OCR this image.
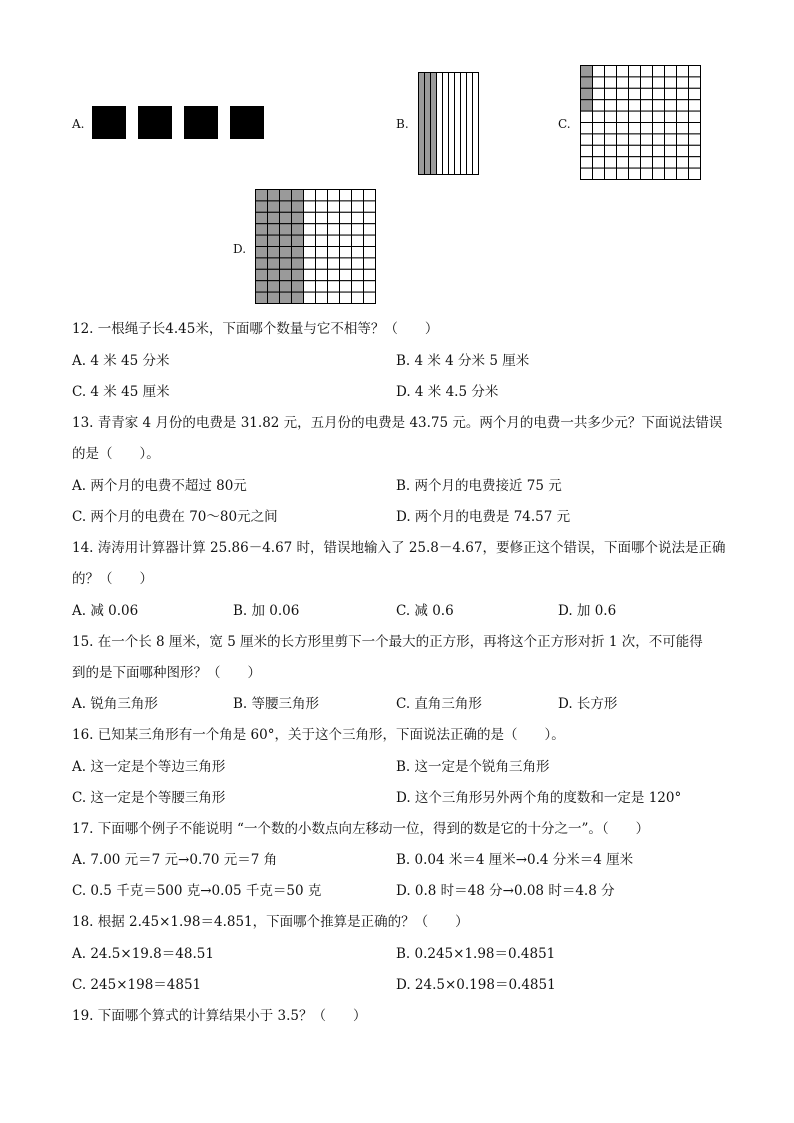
A.	B.	C.
D.
12. 一根绳子长4.45米，下面哪个数量与它不相等？（　　）
A. 4 米 45 分米	B. 4 米 4 分米 5 厘米
C. 4 米 45 厘米	D. 4 米 4.5 分米
13. 青青家 4 月份的电费是 31.82 元，五月份的电费是 43.75 元。两个月的电费一共多少元？下面说法错误
的是（　　）。
A. 两个月的电费不超过 80元	B. 两个月的电费接近 75 元
C. 两个月的电费在 70～80元之间	D. 两个月的电费是 74.57 元
14. 涛涛用计算器计算 25.86－4.67 时，错误地输入了 25.8－4.67，要修正这个错误，下面哪个说法是正确
的？（　　）
A. 减 0.06	B. 加 0.06	C. 减 0.6	D. 加 0.6
15. 在一个长 8 厘米，宽 5 厘米的长方形里剪下一个最大的正方形，再将这个正方形对折 1 次，不可能得
到的是下面哪种图形？（　　）
A. 锐角三角形	B. 等腰三角形	C. 直角三角形	D. 长方形
16. 已知某三角形有一个角是 60°，关于这个三角形，下面说法正确的是（　　）。
A. 这一定是个等边三角形	B. 这一定是个锐角三角形
C. 这一定是个等腰三角形	D. 这个三角形另外两个角的度数和一定是 120°
17. 下面哪个例子不能说明 “一个数的小数点向左移动一位，得到的数是它的十分之一”。（　　）
A. 7.00 元＝7 元→0.70 元＝7 角	B. 0.04 米＝4 厘米→0.4 分米＝4 厘米
C. 0.5 千克＝500 克→0.05 千克＝50 克	D. 0.8 时＝48 分→0.08 时＝4.8 分
18. 根据 2.45×1.98＝4.851，下面哪个推算是正确的？（　　）
A. 24.5×19.8＝48.51	B. 0.245×1.98＝0.4851
C. 245×198＝4851	D. 24.5×0.198＝0.4851
19. 下面哪个算式的计算结果小于 3.5？（　　）
